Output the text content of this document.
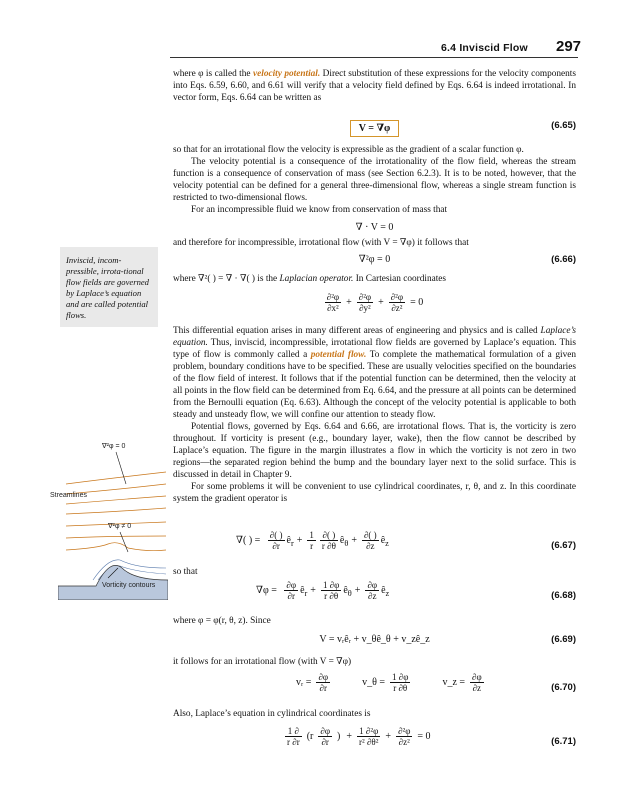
6.4 Inviscid Flow 297

where φ is called the velocity potential. Direct substitution of these expressions for the velocity components into Eqs. 6.59, 6.60, and 6.61 will verify that a velocity field defined by Eqs. 6.64 is indeed irrotational. In vector form, Eqs. 6.64 can be written as

V = ∇φ	(6.65)

so that for an irrotational flow the velocity is expressible as the gradient of a scalar function φ.

The velocity potential is a consequence of the irrotationality of the flow field, whereas the stream function is a consequence of conservation of mass (see Section 6.2.3). It is to be noted, however, that the velocity potential can be defined for a general three-dimensional flow, whereas a single stream function is restricted to two-dimensional flows.

For an incompressible fluid we know from conservation of mass that

∇ · V = 0

and therefore for incompressible, irrotational flow (with V = ∇φ) it follows that

∇²φ = 0	(6.66)

where ∇²( ) = ∇ · ∇( ) is the Laplacian operator. In Cartesian coordinates

$\frac{\text{∂²φ}}{\text{∂x²}} + \frac{\text{∂²φ}}{\text{∂y²}} + \frac{\text{∂²φ}}{\text{∂z²}} = 0$
Inviscid, incom-pressible, irrota-tional flow fields are governed by Laplace’s equation and are called potential flows.

This differential equation arises in many different areas of engineering and physics and is called Laplace’s equation. Thus, inviscid, incompressible, irrotational flow fields are governed by Laplace’s equation. This type of flow is commonly called a potential flow. To complete the mathematical formulation of a given problem, boundary conditions have to be specified. These are usually velocities specified on the boundaries of the flow field of interest. It follows that if the potential function can be determined, then the velocity at all points in the flow field can be determined from Eq. 6.64, and the pressure at all points can be determined from the Bernoulli equation (Eq. 6.63). Although the concept of the velocity potential is applicable to both steady and unsteady flow, we will confine our attention to steady flow.

Potential flows, governed by Eqs. 6.64 and 6.66, are irrotational flows. That is, the vorticity is zero throughout. If vorticity is present (e.g., boundary layer, wake), then the flow cannot be described by Laplace’s equation. The figure in the margin illustrates a flow in which the vorticity is not zero in two regions—the separated region behind the bump and the boundary layer next to the solid surface. This is discussed in detail in Chapter 9.

For some problems it will be convenient to use cylindrical coordinates, r, θ, and z. In this coordinate system the gradient operator is

∇²φ = 0
Streamlines
∇²φ ≠ 0
Vorticity contours
∇( ) = $\frac{\partial( )}{\partial r}$ $ê_r + \frac{1}{r} \frac{\partial( )}{r \partial\theta}$ $ê_\theta + \frac{\partial( )}{\partial z}$ $ê_z$	(6.67)

so that

$\nabla\varphi = \frac{\partial\varphi}{\partial r}$ $ê_r + \frac{1 \partial\varphi}{r \partial\theta}$ $ê_\theta + \frac{\partial\varphi}{\partial z}$ $ê_z$	(6.68)

where φ = φ(r, θ, z). Since

V = vᵣêᵣ + v_θê_θ + v_zê_z	(6.69)

it follows for an irrotational flow (with V = ∇φ)

vᵣ = $\frac{\partial\varphi}{\partial r}$	v_θ = $\frac{1 \partial\varphi}{r \partial\theta}$	v_z = $\frac{\partial\varphi}{\partial z}$	(6.70)

Also, Laplace’s equation in cylindrical coordinates is

$\frac{1 \partial}{r \partial r} (r \frac{\partial\varphi}{\partial r}$ ) + $\frac{\text{1 ∂²φ}}{\text{r² ∂θ²}} + \frac{\text{∂²φ}}{\text{∂z²}} = 0$	(6.71)
